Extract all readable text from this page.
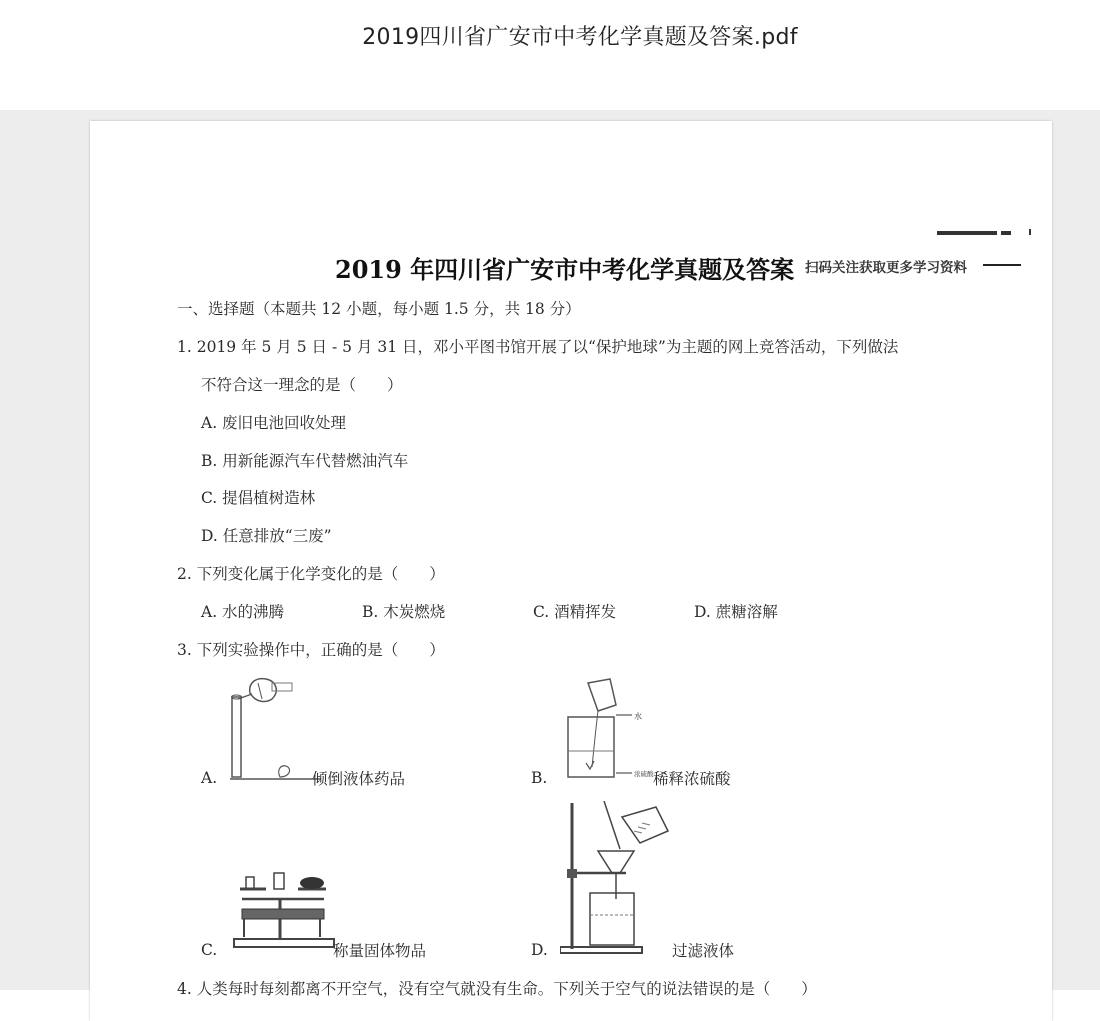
2019四川省广安市中考化学真题及答案.pdf
2019 年四川省广安市中考化学真题及答案 扫码关注获取更多学习资料
一、选择题（本题共 12 小题，每小题 1.5 分，共 18 分）
1. 2019 年 5 月 5 日 - 5 月 31 日，邓小平图书馆开展了以“保护地球”为主题的网上竞答活动，下列做法
不符合这一理念的是（　　）
A. 废旧电池回收处理
B. 用新能源汽车代替燃油汽车
C. 提倡植树造林
D. 任意排放“三废”
2. 下列变化属于化学变化的是（　　）
A. 水的沸腾	B. 木炭燃烧	C. 酒精挥发	D. 蔗糖溶解
3. 下列实验操作中，正确的是（　　）
A.	倾倒液体药品
水
浓硫酸
B.	稀释浓硫酸
C.	称量固体物品	D.	过滤液体
4. 人类每时每刻都离不开空气，没有空气就没有生命。下列关于空气的说法错误的是（　　）
